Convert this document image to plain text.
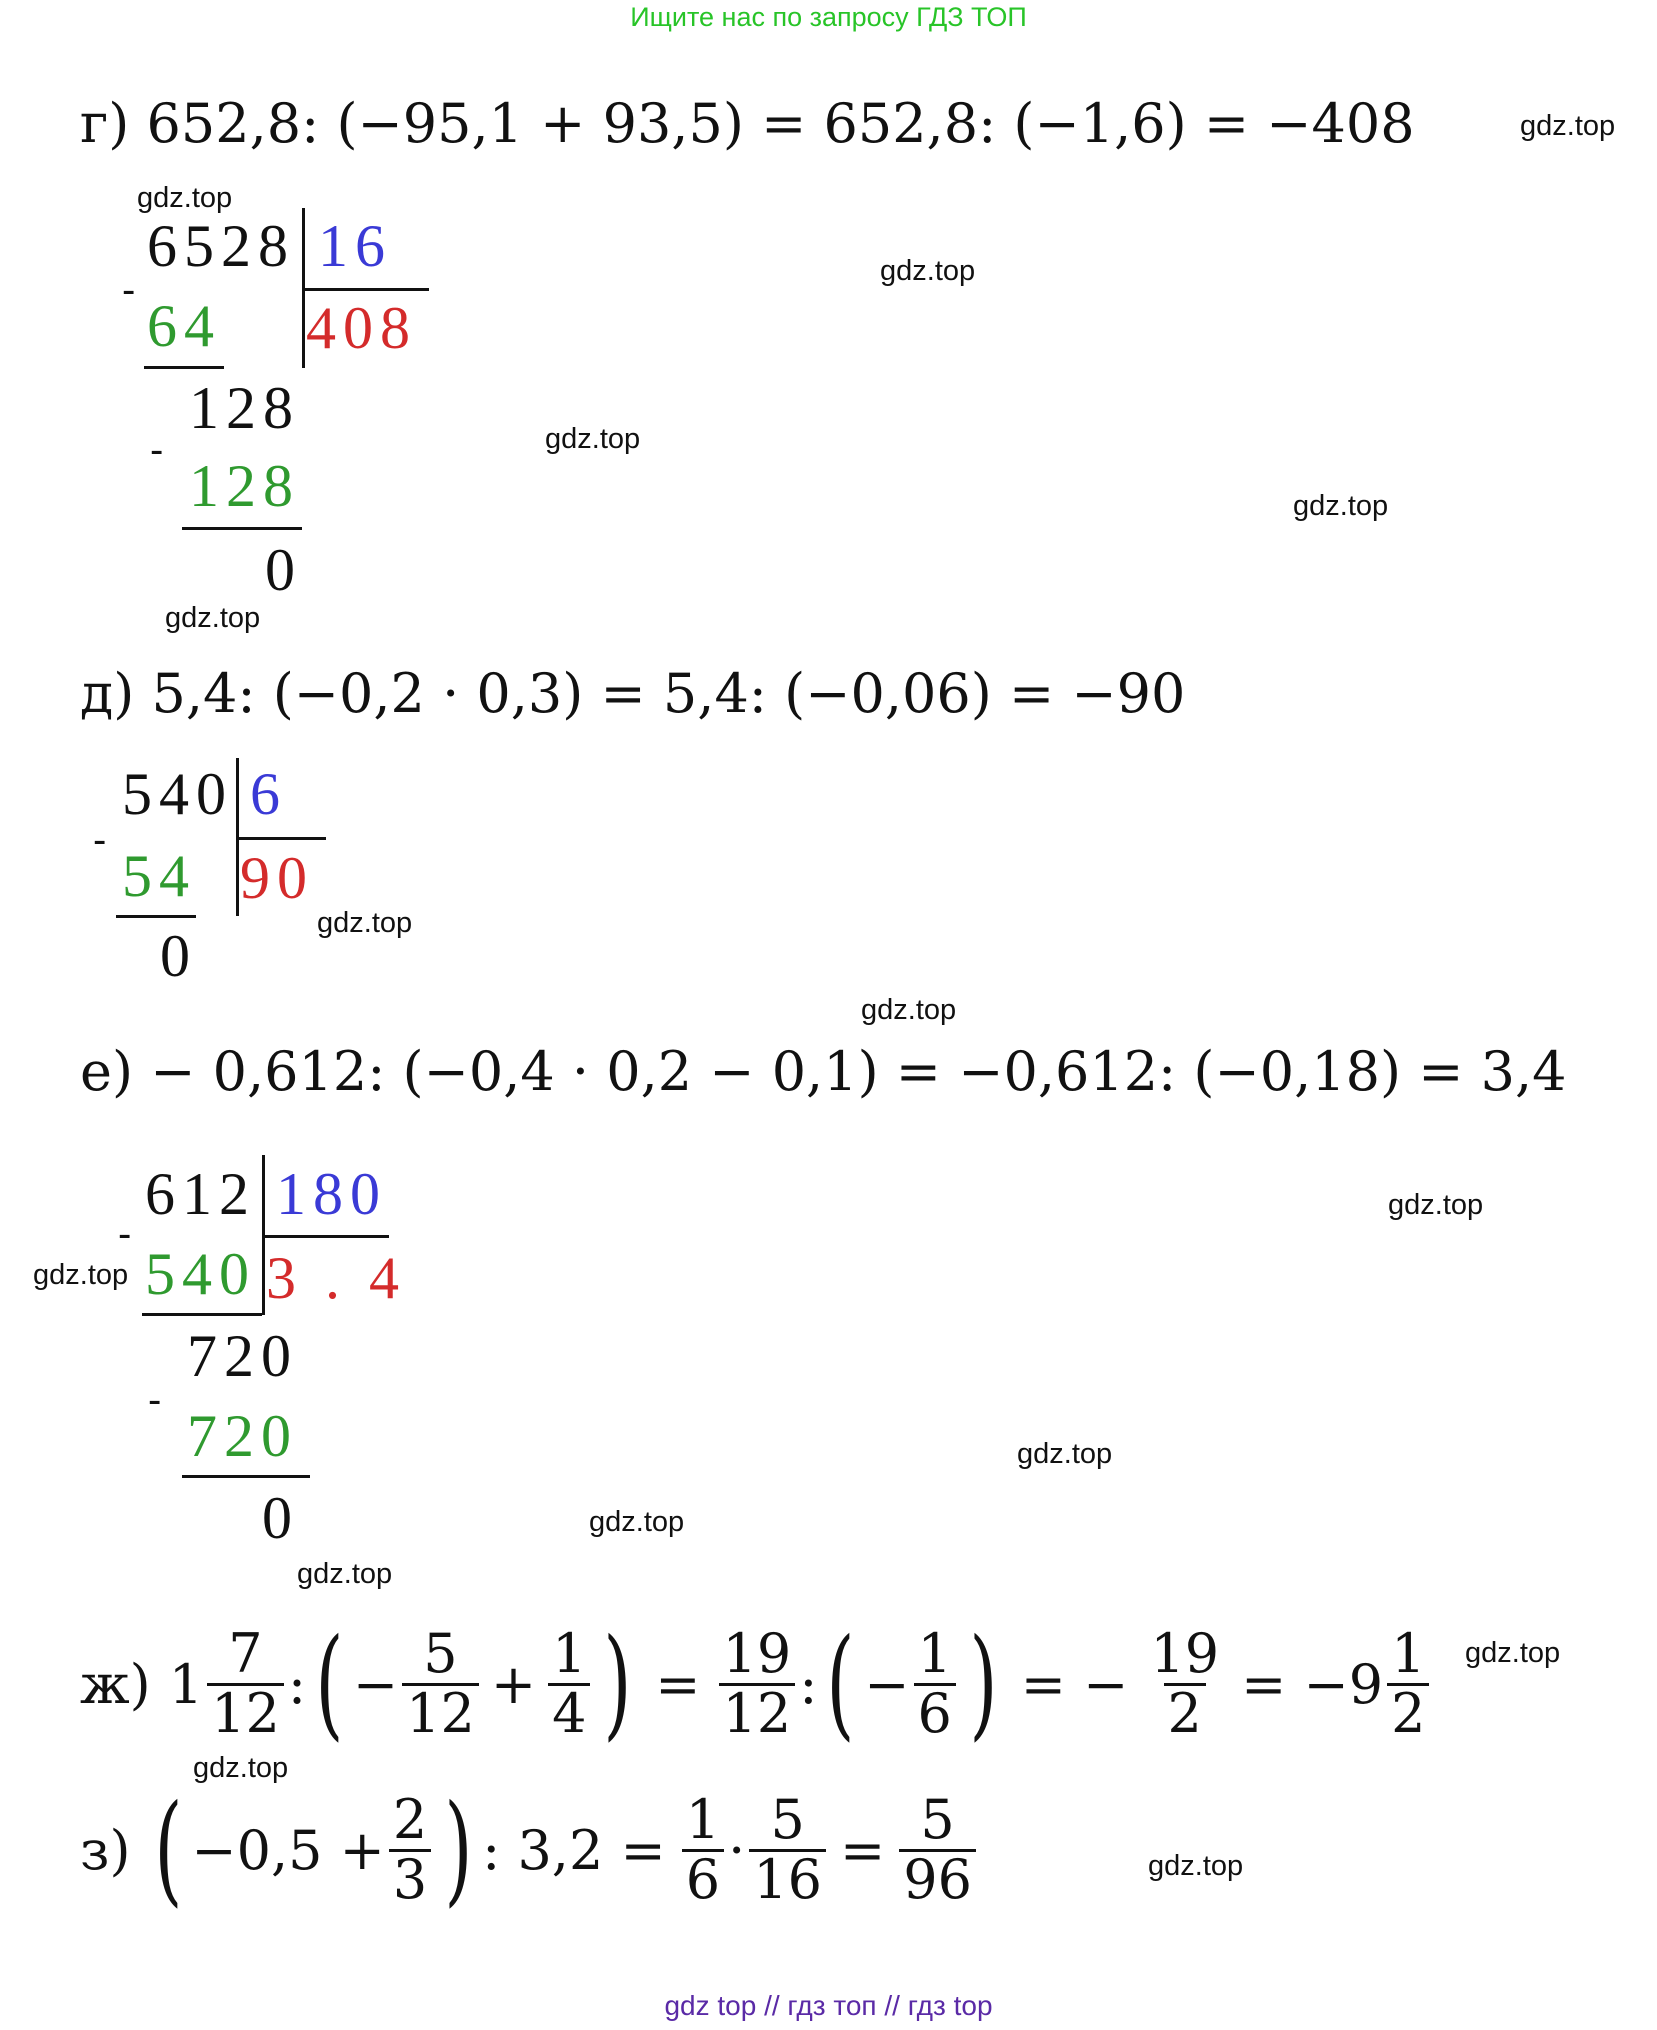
Ищите нас по запросу ГДЗ ТОП
gdz top // гдз топ // гдз top
gdz.top
gdz.top
gdz.top
gdz.top
gdz.top
gdz.top
gdz.top
gdz.top
gdz.top
gdz.top
gdz.top
gdz.top
gdz.top
gdz.top
gdz.top
gdz.top
г) 652,8: (−95,1 + 93,5) = 652,8: (−1,6) = −408
6528 16
-
64 408
128
-
128
0
д) 5,4: (−0,2 · 0,3) = 5,4: (−0,06) = −90
540 6
-
54 90
0
е) − 0,612: (−0,4 · 0,2 − 0,1) = −0,612: (−0,18) = 3,4
612 180
-
540 3 . 4
720
-
720
0
ж) $1 \frac{7}{12}$ : ( − $\frac{5}{12} + \frac{1}{4}$ ) = $\frac{19}{12}$ : ( − $\frac{1}{6}$ ) = − $\frac{19}{2} = -9 \frac{1}{2}$
з) ( $-0,5 + \frac{2}{3}$ ) : $3,2 = \frac{1}{6} \cdot \frac{5}{16} = \frac{5}{96}$
